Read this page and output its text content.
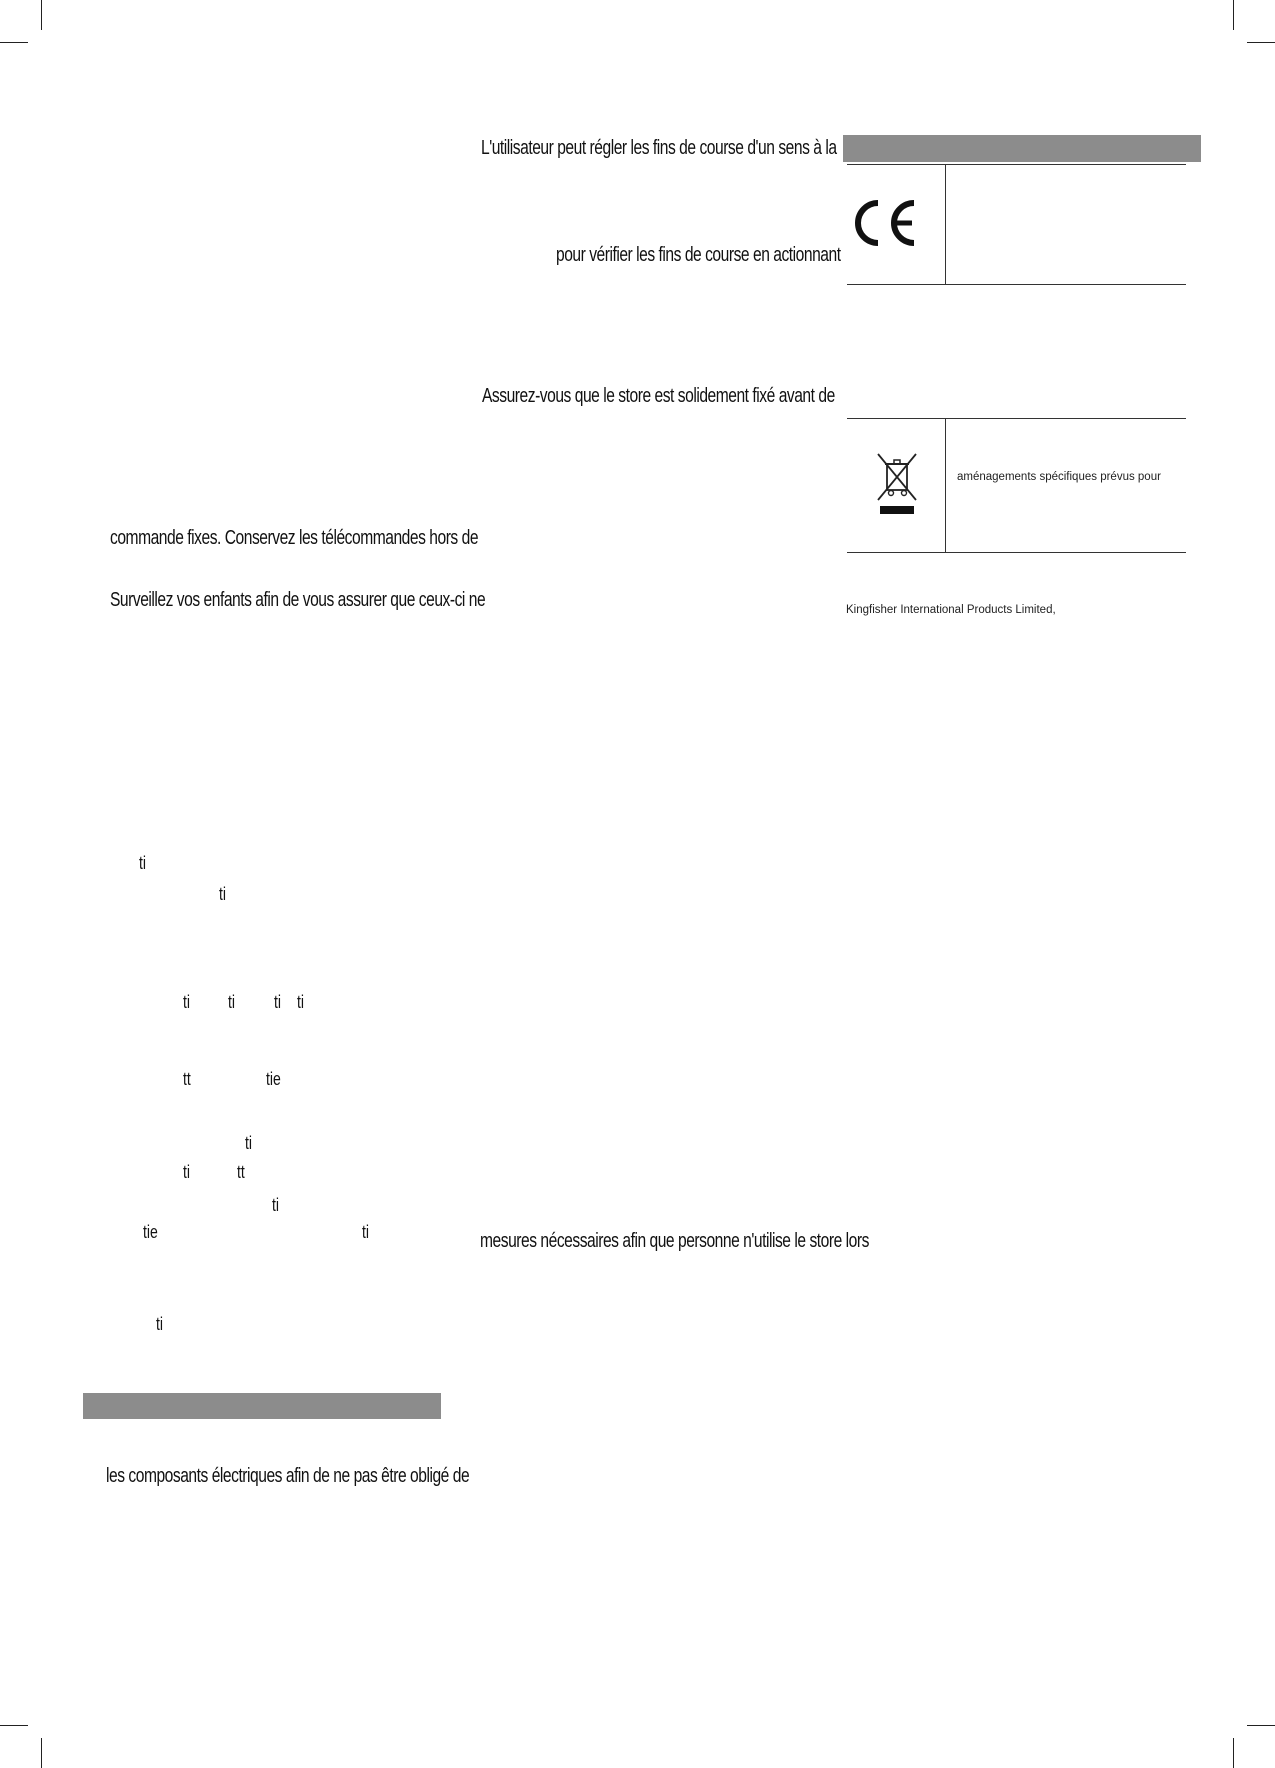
L'utilisateur peut régler les fins de course d'un sens à la
pour vérifier les fins de course en actionnant
Assurez-vous que le store est solidement fixé avant de
mesures nécessaires afin que personne n'utilise le store lors
commande fixes. Conservez les télécommandes hors de
Surveillez vos enfants afin de vous assurer que ceux-ci ne
les composants électriques afin de ne pas être obligé de
ti
ti
ti ti ti ti
tt	tie
ti
ti	tt
ti
tie	ti
ti
aménagements spécifiques prévus pour
Kingfisher International Products Limited,
